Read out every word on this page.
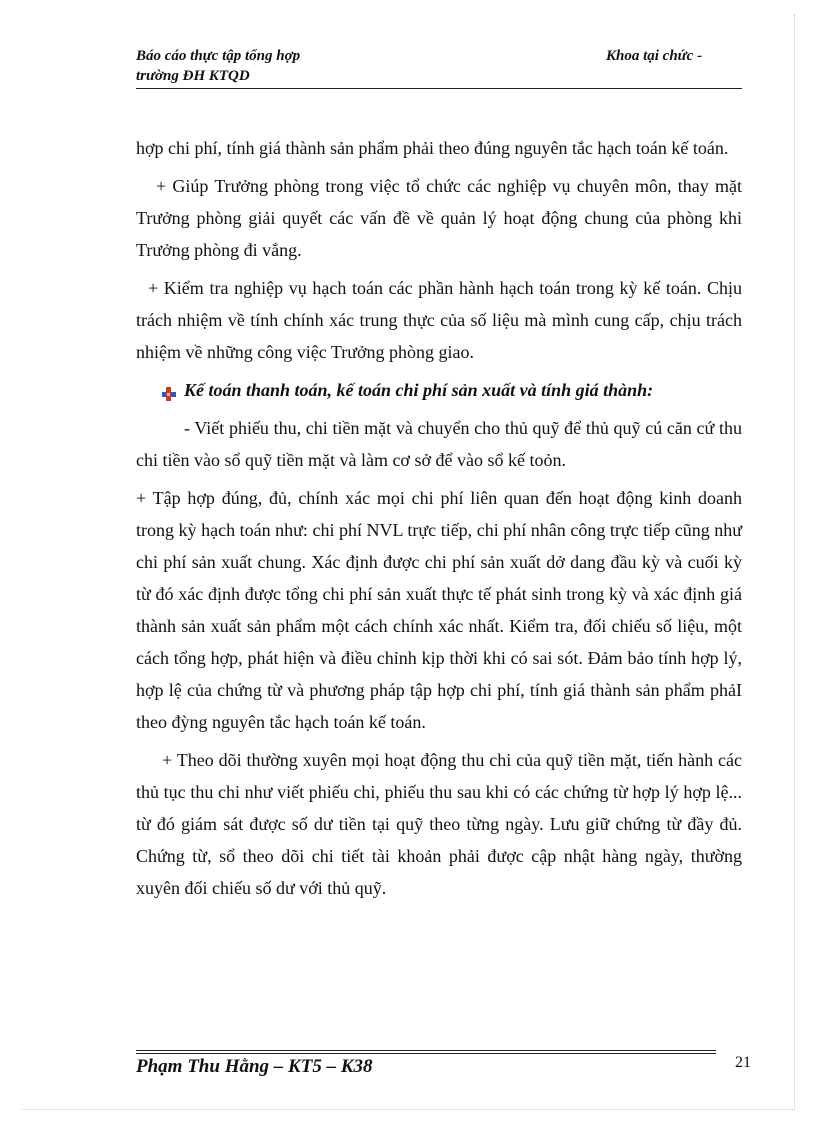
Báo cáo thực tập tổng hợp
trường ĐH KTQD
Khoa tại chức -

hợp chi phí, tính giá thành sản phẩm phải theo đúng nguyên tắc hạch toán kế toán.

+ Giúp Trưởng phòng trong việc tổ chức các nghiệp vụ chuyên môn, thay mặt Trưởng phòng giải quyết các vấn đề về quản lý hoạt động chung của phòng khi Trưởng phòng đi vắng.

+ Kiểm tra nghiệp vụ hạch toán các phần hành hạch toán trong kỳ kế toán. Chịu trách nhiệm về tính chính xác trung thực của số liệu mà mình cung cấp, chịu trách nhiệm về những công việc Trưởng phòng giao.

Kế toán thanh toán, kế toán chi phí sản xuất và tính giá thành:

- Viết phiếu thu, chi tiền mặt và chuyển cho thủ quỹ để thủ quỹ cú căn cứ thu chi tiền vào sổ quỹ tiền mặt và làm cơ sở để vào sổ kế toỏn.

+ Tập hợp đúng, đủ, chính xác mọi chi phí liên quan đến hoạt động kinh doanh trong kỳ hạch toán như: chi phí NVL trực tiếp, chi phí nhân công trực tiếp cũng như chi phí sản xuất chung. Xác định được chi phí sản xuất dở dang đầu kỳ và cuối kỳ từ đó xác định được tổng chi phí sản xuất thực tế phát sinh trong kỳ và xác định giá thành sản xuất sản phẩm một cách chính xác nhất. Kiểm tra, đối chiếu số liệu, một cách tổng hợp, phát hiện và điều chỉnh kịp thời khi có sai sót. Đảm bảo tính hợp lý, hợp lệ của chứng từ và phương pháp tập hợp chi phí, tính giá thành sản phẩm phảI theo đỳng nguyên tắc hạch toán kế toán.

+ Theo dõi thường xuyên mọi hoạt động thu chi của quỹ tiền mặt, tiến hành các thủ tục thu chi như viết phiếu chi, phiếu thu sau khi có các chứng từ hợp lý hợp lệ... từ đó giám sát được số dư tiền tại quỹ theo từng ngày. Lưu giữ chứng từ đầy đủ. Chứng từ, sổ theo dõi chi tiết tài khoản phải được cập nhật hàng ngày, thường xuyên đối chiếu số dư với thủ quỹ.

Phạm Thu Hằng – KT5 – K38	21
